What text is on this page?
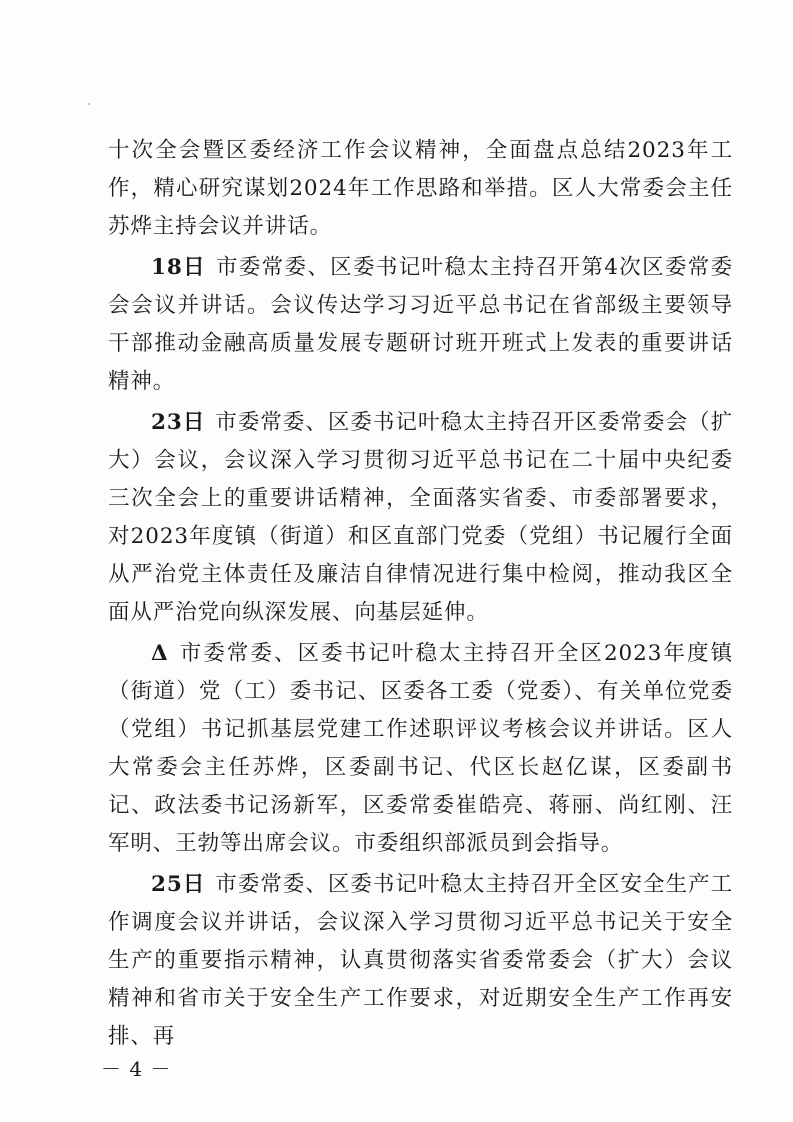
十次全会暨区委经济工作会议精神，全面盘点总结2023年工作，精心研究谋划2024年工作思路和举措。区人大常委会主任苏烨主持会议并讲话。

18日 市委常委、区委书记叶稳太主持召开第4次区委常委会会议并讲话。会议传达学习习近平总书记在省部级主要领导干部推动金融高质量发展专题研讨班开班式上发表的重要讲话精神。

23日 市委常委、区委书记叶稳太主持召开区委常委会（扩大）会议，会议深入学习贯彻习近平总书记在二十届中央纪委三次全会上的重要讲话精神，全面落实省委、市委部署要求，对2023年度镇（街道）和区直部门党委（党组）书记履行全面从严治党主体责任及廉洁自律情况进行集中检阅，推动我区全面从严治党向纵深发展、向基层延伸。

Δ 市委常委、区委书记叶稳太主持召开全区2023年度镇（街道）党（工）委书记、区委各工委（党委）、有关单位党委（党组）书记抓基层党建工作述职评议考核会议并讲话。区人大常委会主任苏烨，区委副书记、代区长赵亿谋，区委副书记、政法委书记汤新军，区委常委崔皓亮、蒋丽、尚红刚、汪军明、王勃等出席会议。市委组织部派员到会指导。

25日 市委常委、区委书记叶稳太主持召开全区安全生产工作调度会议并讲话，会议深入学习贯彻习近平总书记关于安全生产的重要指示精神，认真贯彻落实省委常委会（扩大）会议精神和省市关于安全生产工作要求，对近期安全生产工作再安排、再

－ 4 －
